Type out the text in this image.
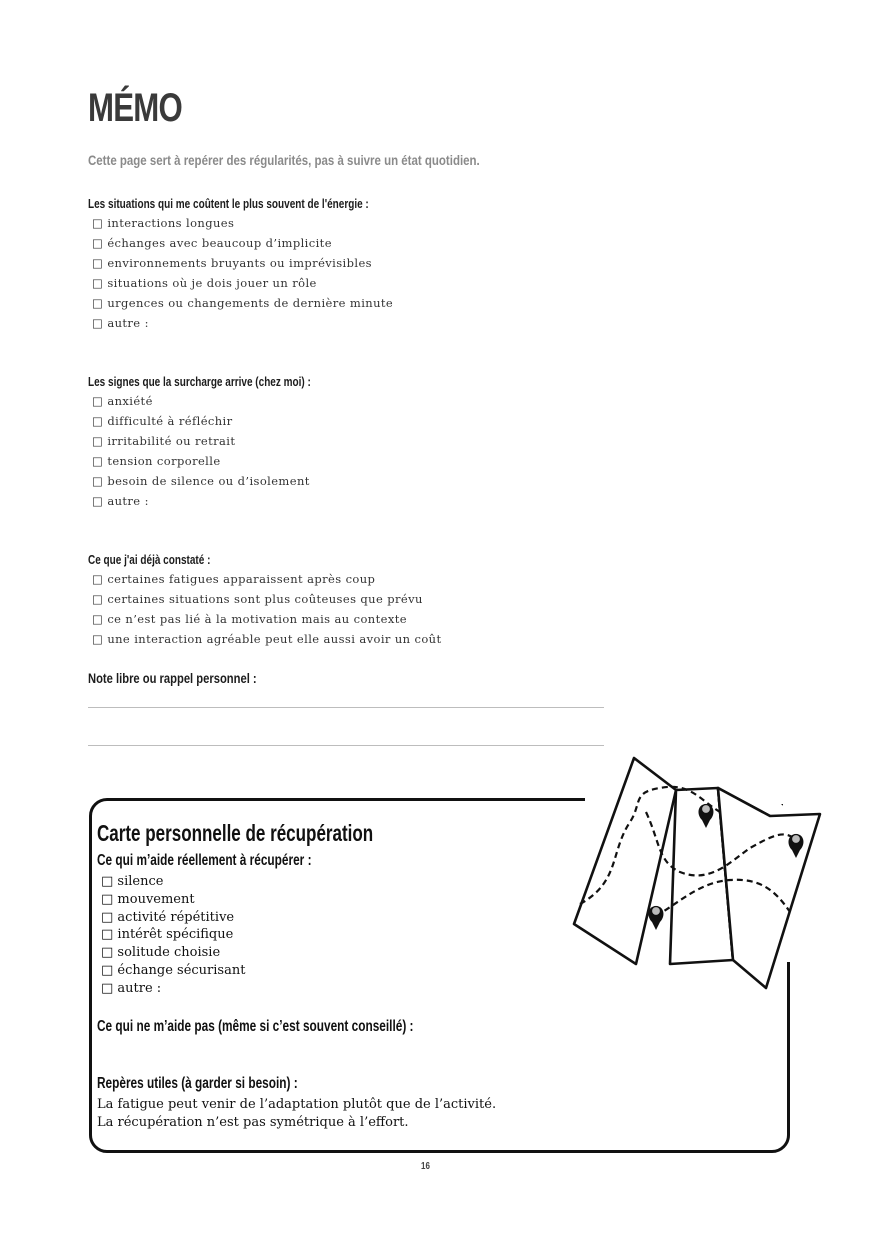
MÉMO
Cette page sert à repérer des régularités, pas à suivre un état quotidien.
Les situations qui me coûtent le plus souvent de l'énergie :
□ interactions longues
□ échanges avec beaucoup d’implicite
□ environnements bruyants ou imprévisibles
□ situations où je dois jouer un rôle
□ urgences ou changements de dernière minute
□ autre :
Les signes que la surcharge arrive (chez moi) :
□ anxiété
□ difficulté à réfléchir
□ irritabilité ou retrait
□ tension corporelle
□ besoin de silence ou d’isolement
□ autre :
Ce que j'ai déjà constaté :
□ certaines fatigues apparaissent après coup
□ certaines situations sont plus coûteuses que prévu
□ ce n’est pas lié à la motivation mais au contexte
□ une interaction agréable peut elle aussi avoir un coût
Note libre ou rappel personnel :
Carte personnelle de récupération
Ce qui m’aide réellement à récupérer :
□ silence
□ mouvement
□ activité répétitive
□ intérêt spécifique
□ solitude choisie
□ échange sécurisant
□ autre :
Ce qui ne m’aide pas (même si c’est souvent conseillé) :
Repères utiles (à garder si besoin) :
La fatigue peut venir de l’adaptation plutôt que de l’activité.
La récupération n’est pas symétrique à l’effort.
16
